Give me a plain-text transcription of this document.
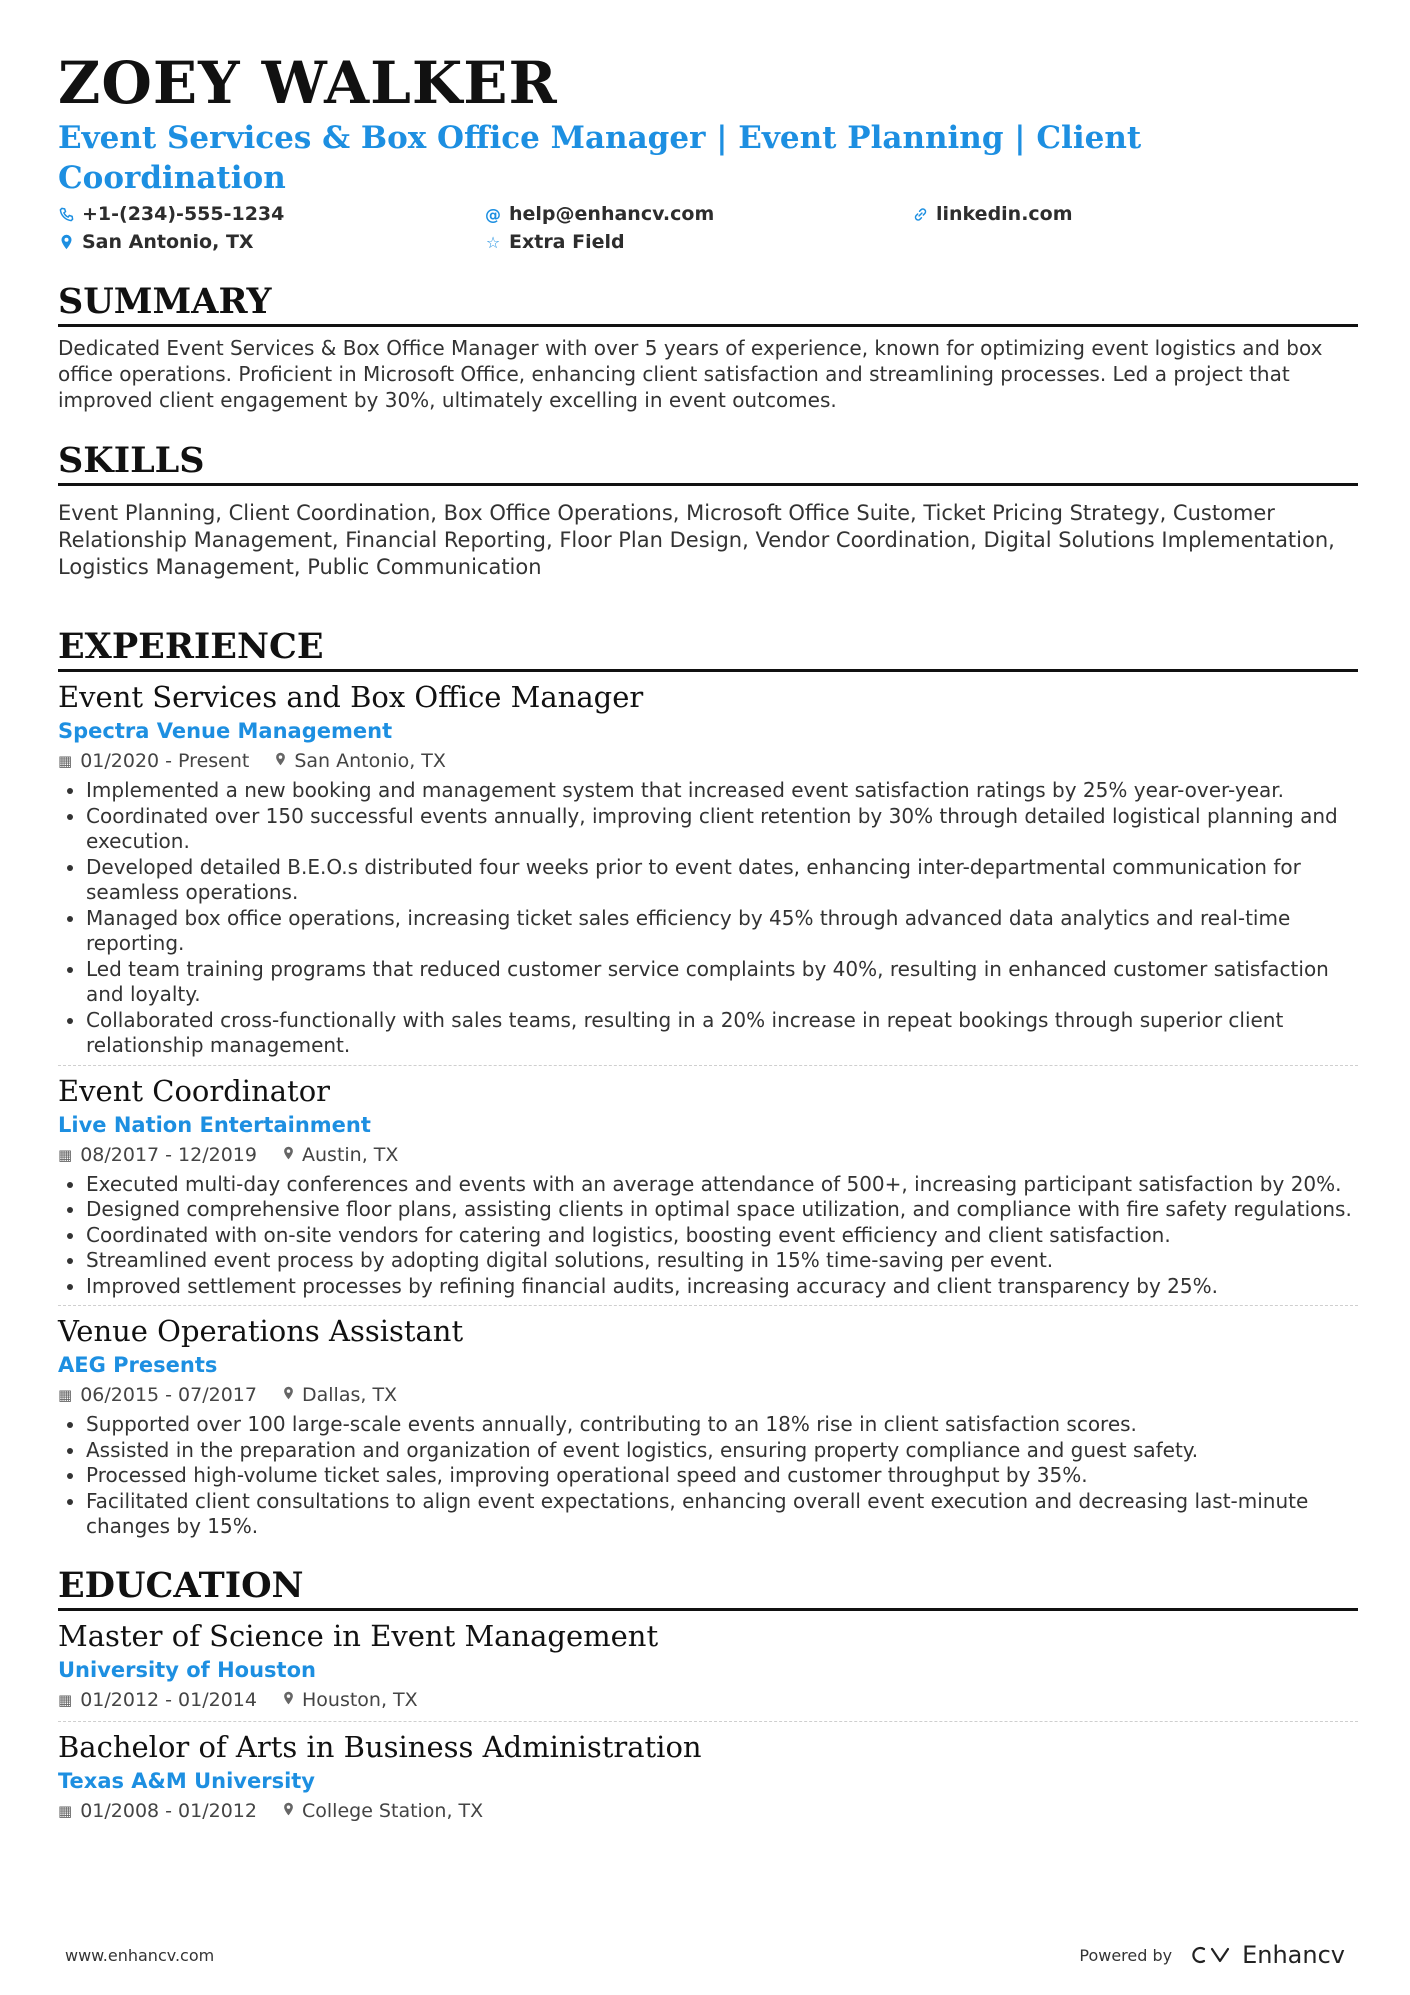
ZOEY WALKER
Event Services & Box Office Manager | Event Planning | Client Coordination
+1-(234)-555-1234	@ help@enhancv.com	linkedin.com
San Antonio, TX	☆ Extra Field
SUMMARY
Dedicated Event Services & Box Office Manager with over 5 years of experience, known for optimizing event logistics and box office operations. Proficient in Microsoft Office, enhancing client satisfaction and streamlining processes. Led a project that improved client engagement by 30%, ultimately excelling in event outcomes.
SKILLS
Event Planning, Client Coordination, Box Office Operations, Microsoft Office Suite, Ticket Pricing Strategy, Customer Relationship Management, Financial Reporting, Floor Plan Design, Vendor Coordination, Digital Solutions Implementation, Logistics Management, Public Communication
EXPERIENCE
Event Services and Box Office Manager
Spectra Venue Management
▦ 01/2020 - Present San Antonio, TX
• Implemented a new booking and management system that increased event satisfaction ratings by 25% year-over-year.
• Coordinated over 150 successful events annually, improving client retention by 30% through detailed logistical planning and execution.
• Developed detailed B.E.O.s distributed four weeks prior to event dates, enhancing inter-departmental communication for seamless operations.
• Managed box office operations, increasing ticket sales efficiency by 45% through advanced data analytics and real-time reporting.
• Led team training programs that reduced customer service complaints by 40%, resulting in enhanced customer satisfaction and loyalty.
• Collaborated cross-functionally with sales teams, resulting in a 20% increase in repeat bookings through superior client relationship management.
Event Coordinator
Live Nation Entertainment
▦ 08/2017 - 12/2019 Austin, TX
• Executed multi-day conferences and events with an average attendance of 500+, increasing participant satisfaction by 20%.
• Designed comprehensive floor plans, assisting clients in optimal space utilization, and compliance with fire safety regulations.
• Coordinated with on-site vendors for catering and logistics, boosting event efficiency and client satisfaction.
• Streamlined event process by adopting digital solutions, resulting in 15% time-saving per event.
• Improved settlement processes by refining financial audits, increasing accuracy and client transparency by 25%.
Venue Operations Assistant
AEG Presents
▦ 06/2015 - 07/2017 Dallas, TX
• Supported over 100 large-scale events annually, contributing to an 18% rise in client satisfaction scores.
• Assisted in the preparation and organization of event logistics, ensuring property compliance and guest safety.
• Processed high-volume ticket sales, improving operational speed and customer throughput by 35%.
• Facilitated client consultations to align event expectations, enhancing overall event execution and decreasing last-minute changes by 15%.
EDUCATION
Master of Science in Event Management
University of Houston
▦ 01/2012 - 01/2014 Houston, TX
Bachelor of Arts in Business Administration
Texas A&M University
▦ 01/2008 - 01/2012 College Station, TX
www.enhancv.com	Powered by	Enhancv
